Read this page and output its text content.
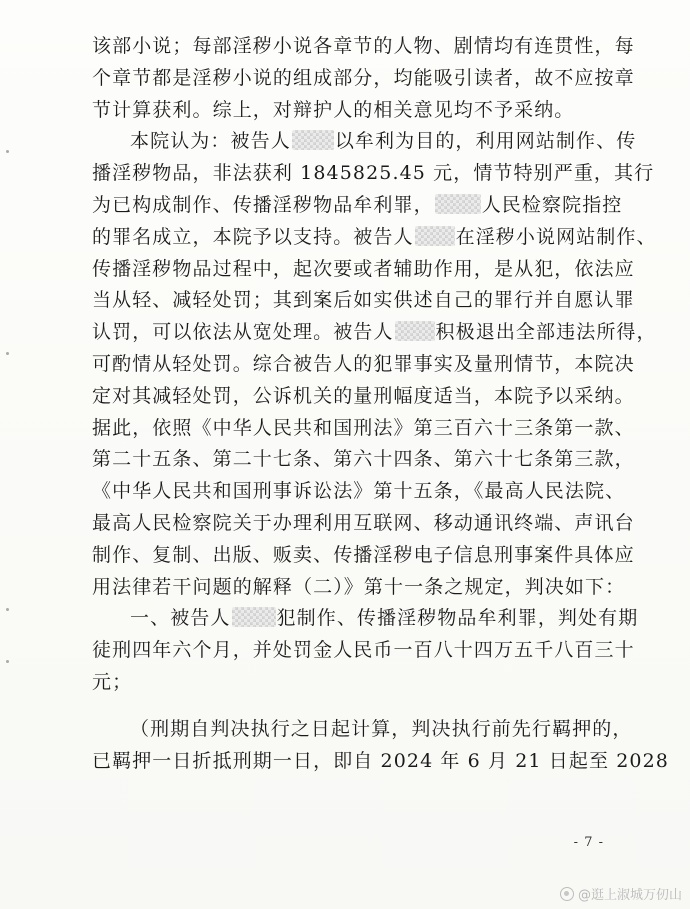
该部小说；每部淫秽小说各章节的人物、剧情均有连贯性，每
个章节都是淫秽小说的组成部分，均能吸引读者，故不应按章
节计算获利。综上，对辩护人的相关意见均不予采纳。
本院认为：被告人 以牟利为目的，利用网站制作、传
播淫秽物品，非法获利 1845825.45 元，情节特别严重，其行
为已构成制作、传播淫秽物品牟利罪，	人民检察院指控
的罪名成立，本院予以支持。被告人 在淫秽小说网站制作、
传播淫秽物品过程中，起次要或者辅助作用，是从犯，依法应
当从轻、减轻处罚；其到案后如实供述自己的罪行并自愿认罪
认罚，可以依法从宽处理。被告人 积极退出全部违法所得，
可酌情从轻处罚。综合被告人的犯罪事实及量刑情节，本院决
定对其减轻处罚，公诉机关的量刑幅度适当，本院予以采纳。
据此，依照《中华人民共和国刑法》第三百六十三条第一款、
第二十五条、第二十七条、第六十四条、第六十七条第三款，
《中华人民共和国刑事诉讼法》第十五条，《最高人民法院、
最高人民检察院关于办理利用互联网、移动通讯终端、声讯台
制作、复制、出版、贩卖、传播淫秽电子信息刑事案件具体应
用法律若干问题的解释（二）》第十一条之规定，判决如下：
一、被告人 犯制作、传播淫秽物品牟利罪，判处有期
徒刑四年六个月，并处罚金人民币一百八十四万五千八百三十
元；
（刑期自判决执行之日起计算，判决执行前先行羁押的，
已羁押一日折抵刑期一日，即自 2024 年 6 月 21 日起至 2028
- 7 -
@逛上淑城万仞山
